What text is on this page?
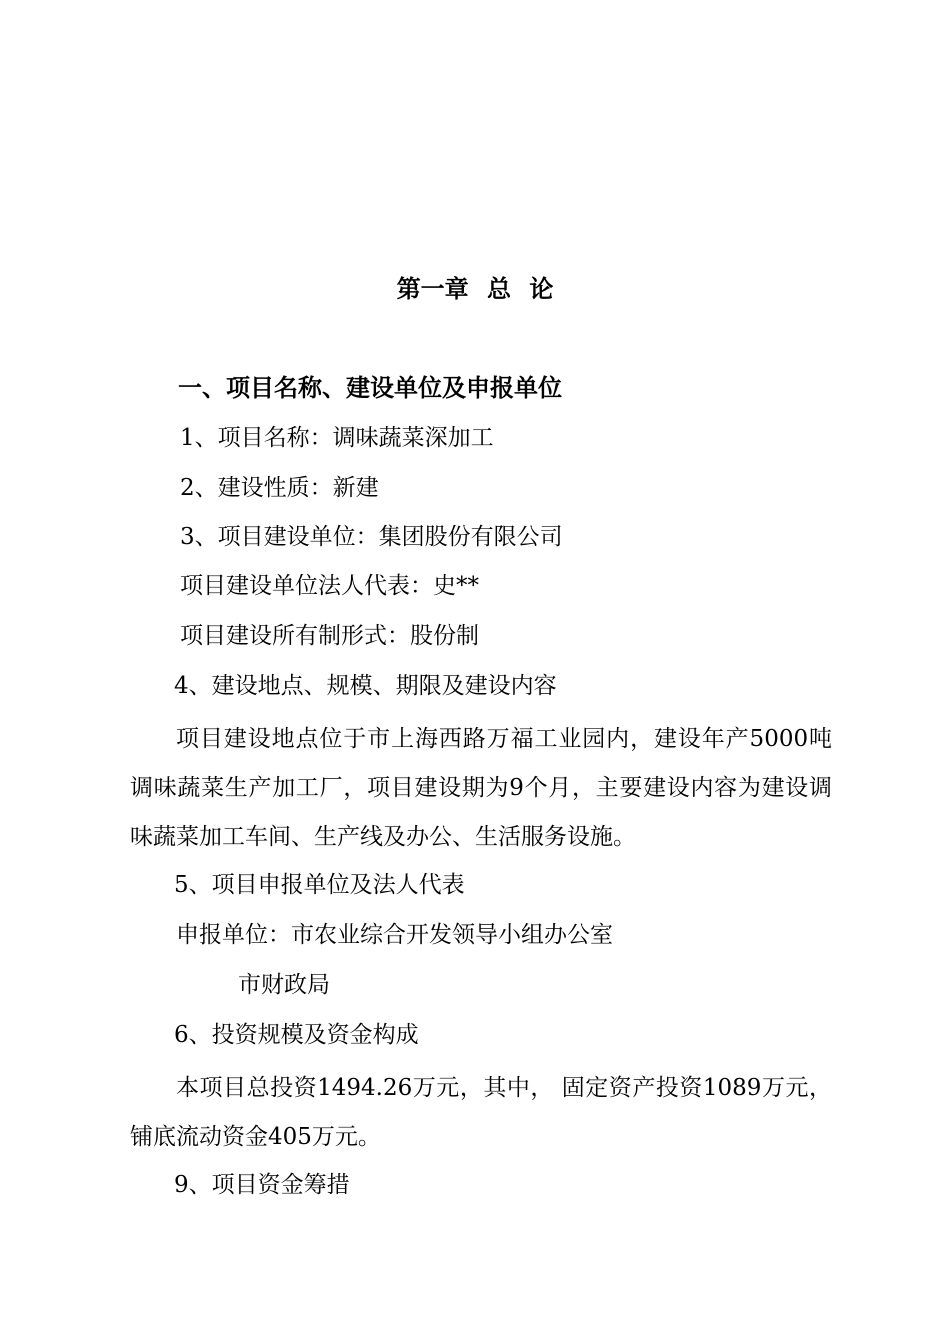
第一章 总 论
一、项目名称、建设单位及申报单位
1、项目名称：调味蔬菜深加工
2、建设性质：新建
3、项目建设单位：集团股份有限公司
项目建设单位法人代表：史**
项目建设所有制形式：股份制
4、建设地点、规模、期限及建设内容

项目建设地点位于市上海西路万福工业园内，建设年产5000吨调味蔬菜生产加工厂，项目建设期为9个月，主要建设内容为建设调味蔬菜加工车间、生产线及办公、生活服务设施。

5、项目申报单位及法人代表
申报单位：市农业综合开发领导小组办公室
市财政局
6、投资规模及资金构成

本项目总投资1494.26万元，其中， 固定资产投资1089万元，铺底流动资金405万元。

9、项目资金筹措
